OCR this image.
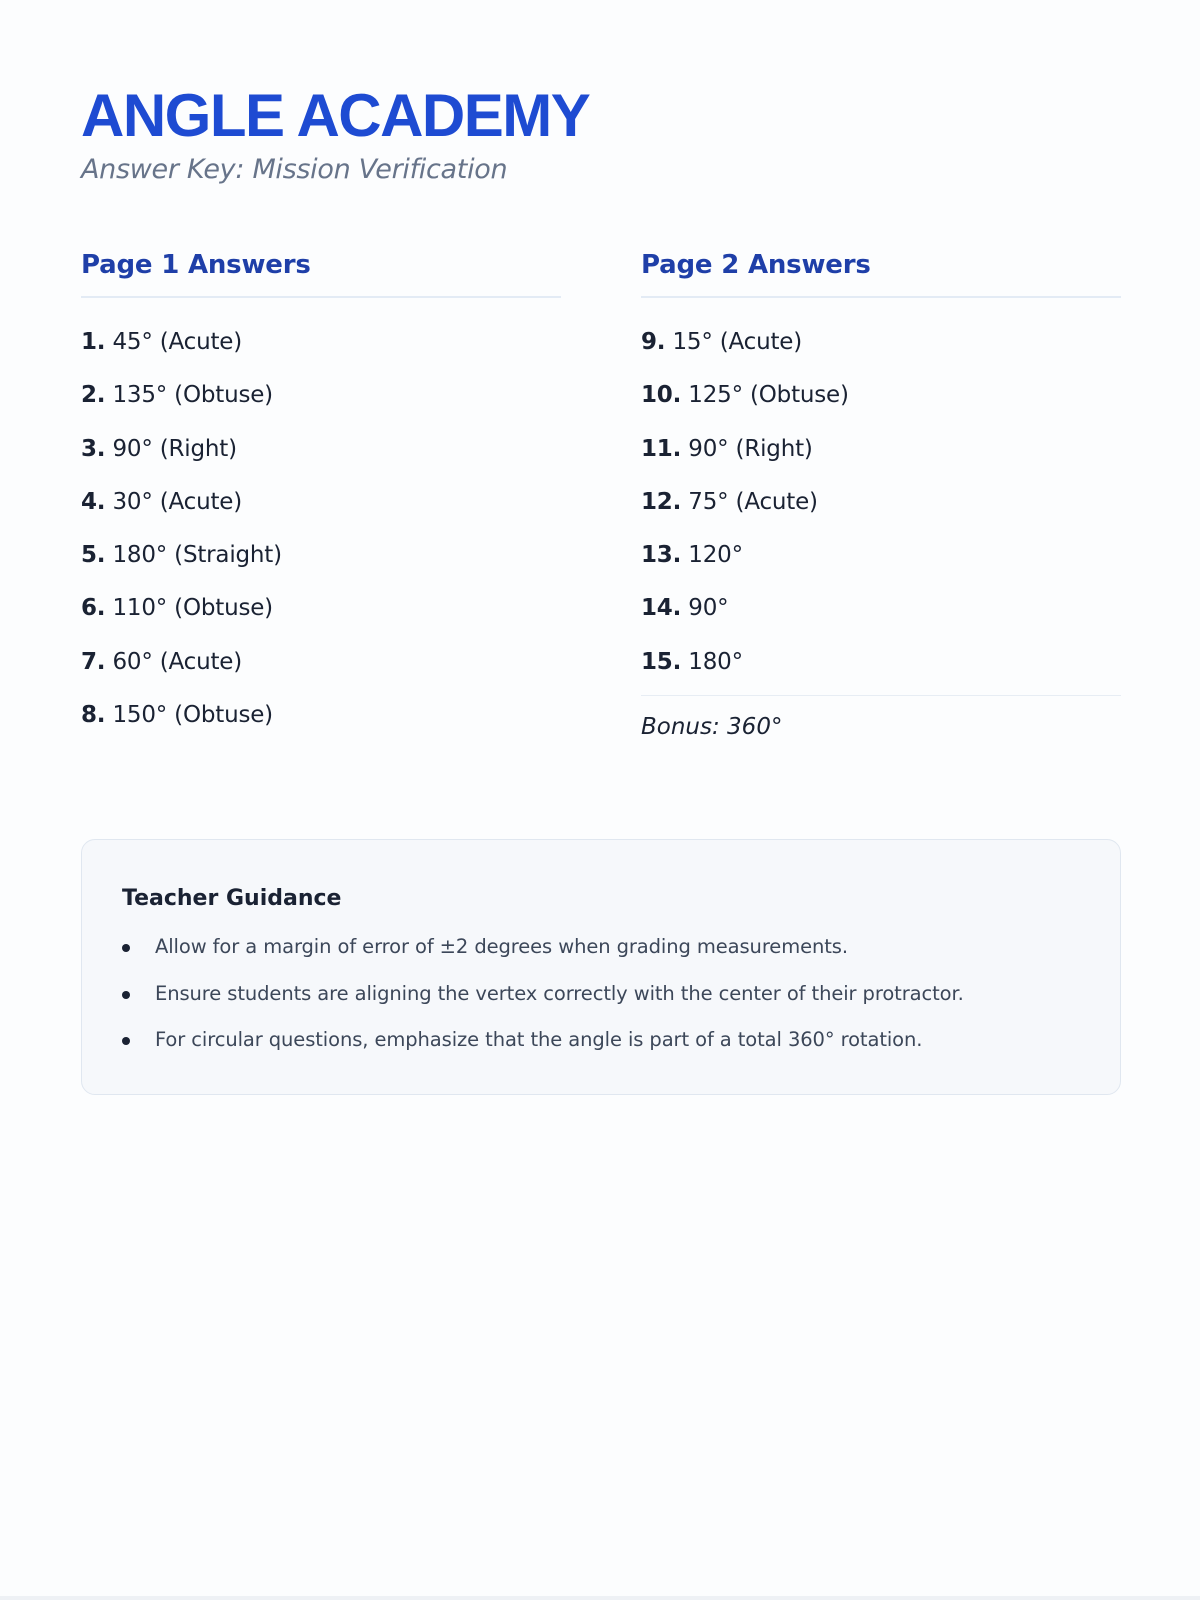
ANGLE ACADEMY

Answer Key: Mission Verification

Page 1 Answers
1. 45° (Acute)
2. 135° (Obtuse)
3. 90° (Right)
4. 30° (Acute)
5. 180° (Straight)
6. 110° (Obtuse)
7. 60° (Acute)
8. 150° (Obtuse)
Page 2 Answers
9. 15° (Acute)
10. 125° (Obtuse)
11. 90° (Right)
12. 75° (Acute)
13. 120°
14. 90°
15. 180°
Bonus: 360°
Teacher Guidance
Allow for a margin of error of ±2 degrees when grading measurements.
Ensure students are aligning the vertex correctly with the center of their protractor.
For circular questions, emphasize that the angle is part of a total 360° rotation.
